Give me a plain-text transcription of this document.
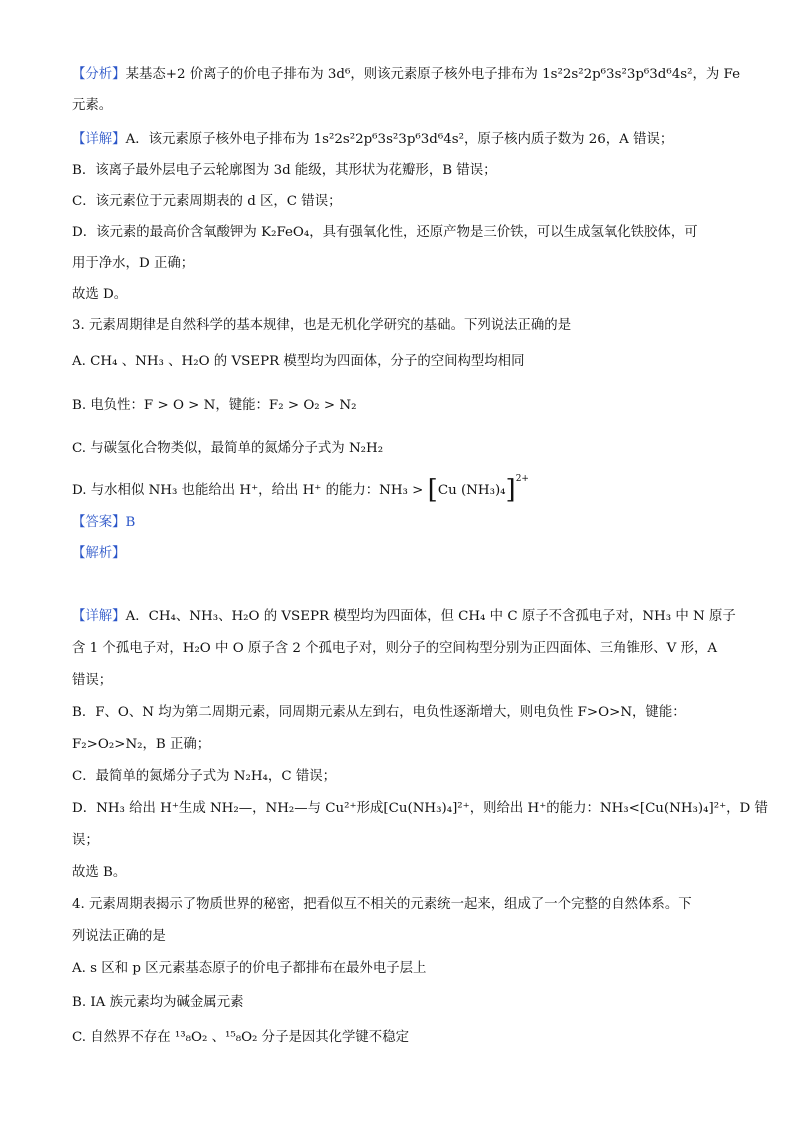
【分析】某基态+2 价离子的价电子排布为 3d⁶，则该元素原子核外电子排布为 1s²2s²2p⁶3s²3p⁶3d⁶4s²，为 Fe
元素。
【详解】A．该元素原子核外电子排布为 1s²2s²2p⁶3s²3p⁶3d⁶4s²，原子核内质子数为 26，A 错误；
B．该离子最外层电子云轮廓图为 3d 能级，其形状为花瓣形，B 错误；
C．该元素位于元素周期表的 d 区，C 错误；
D．该元素的最高价含氧酸钾为 K₂FeO₄，具有强氧化性，还原产物是三价铁，可以生成氢氧化铁胶体，可
用于净水，D 正确；
故选 D。
3. 元素周期律是自然科学的基本规律，也是无机化学研究的基础。下列说法正确的是
A. CH₄ 、NH₃ 、H₂O 的 VSEPR 模型均为四面体，分子的空间构型均相同
B. 电负性：F > O > N，键能：F₂ > O₂ > N₂
C. 与碳氢化合物类似，最简单的氮烯分子式为 N₂H₂
D. 与水相似 NH₃ 也能给出 H⁺，给出 H⁺ 的能力：NH₃ > [Cu (NH₃)₄]$^{2+}$
【答案】B
【解析】
【详解】A．CH₄、NH₃、H₂O 的 VSEPR 模型均为四面体，但 CH₄ 中 C 原子不含孤电子对，NH₃ 中 N 原子
含 1 个孤电子对，H₂O 中 O 原子含 2 个孤电子对，则分子的空间构型分别为正四面体、三角锥形、V 形，A
错误；
B．F、O、N 均为第二周期元素，同周期元素从左到右，电负性逐渐增大，则电负性 F>O>N，键能：
F₂>O₂>N₂，B 正确；
C．最简单的氮烯分子式为 N₂H₄，C 错误；
D．NH₃ 给出 H⁺生成 NH₂—，NH₂—与 Cu²⁺形成[Cu(NH₃)₄]²⁺，则给出 H⁺的能力：NH₃<[Cu(NH₃)₄]²⁺，D 错
误；
故选 B。
4. 元素周期表揭示了物质世界的秘密，把看似互不相关的元素统一起来，组成了一个完整的自然体系。下
列说法正确的是
A. s 区和 p 区元素基态原子的价电子都排布在最外电子层上
B. ⅠA 族元素均为碱金属元素
C. 自然界不存在 ¹³₈O₂ 、¹⁵₈O₂ 分子是因其化学键不稳定
